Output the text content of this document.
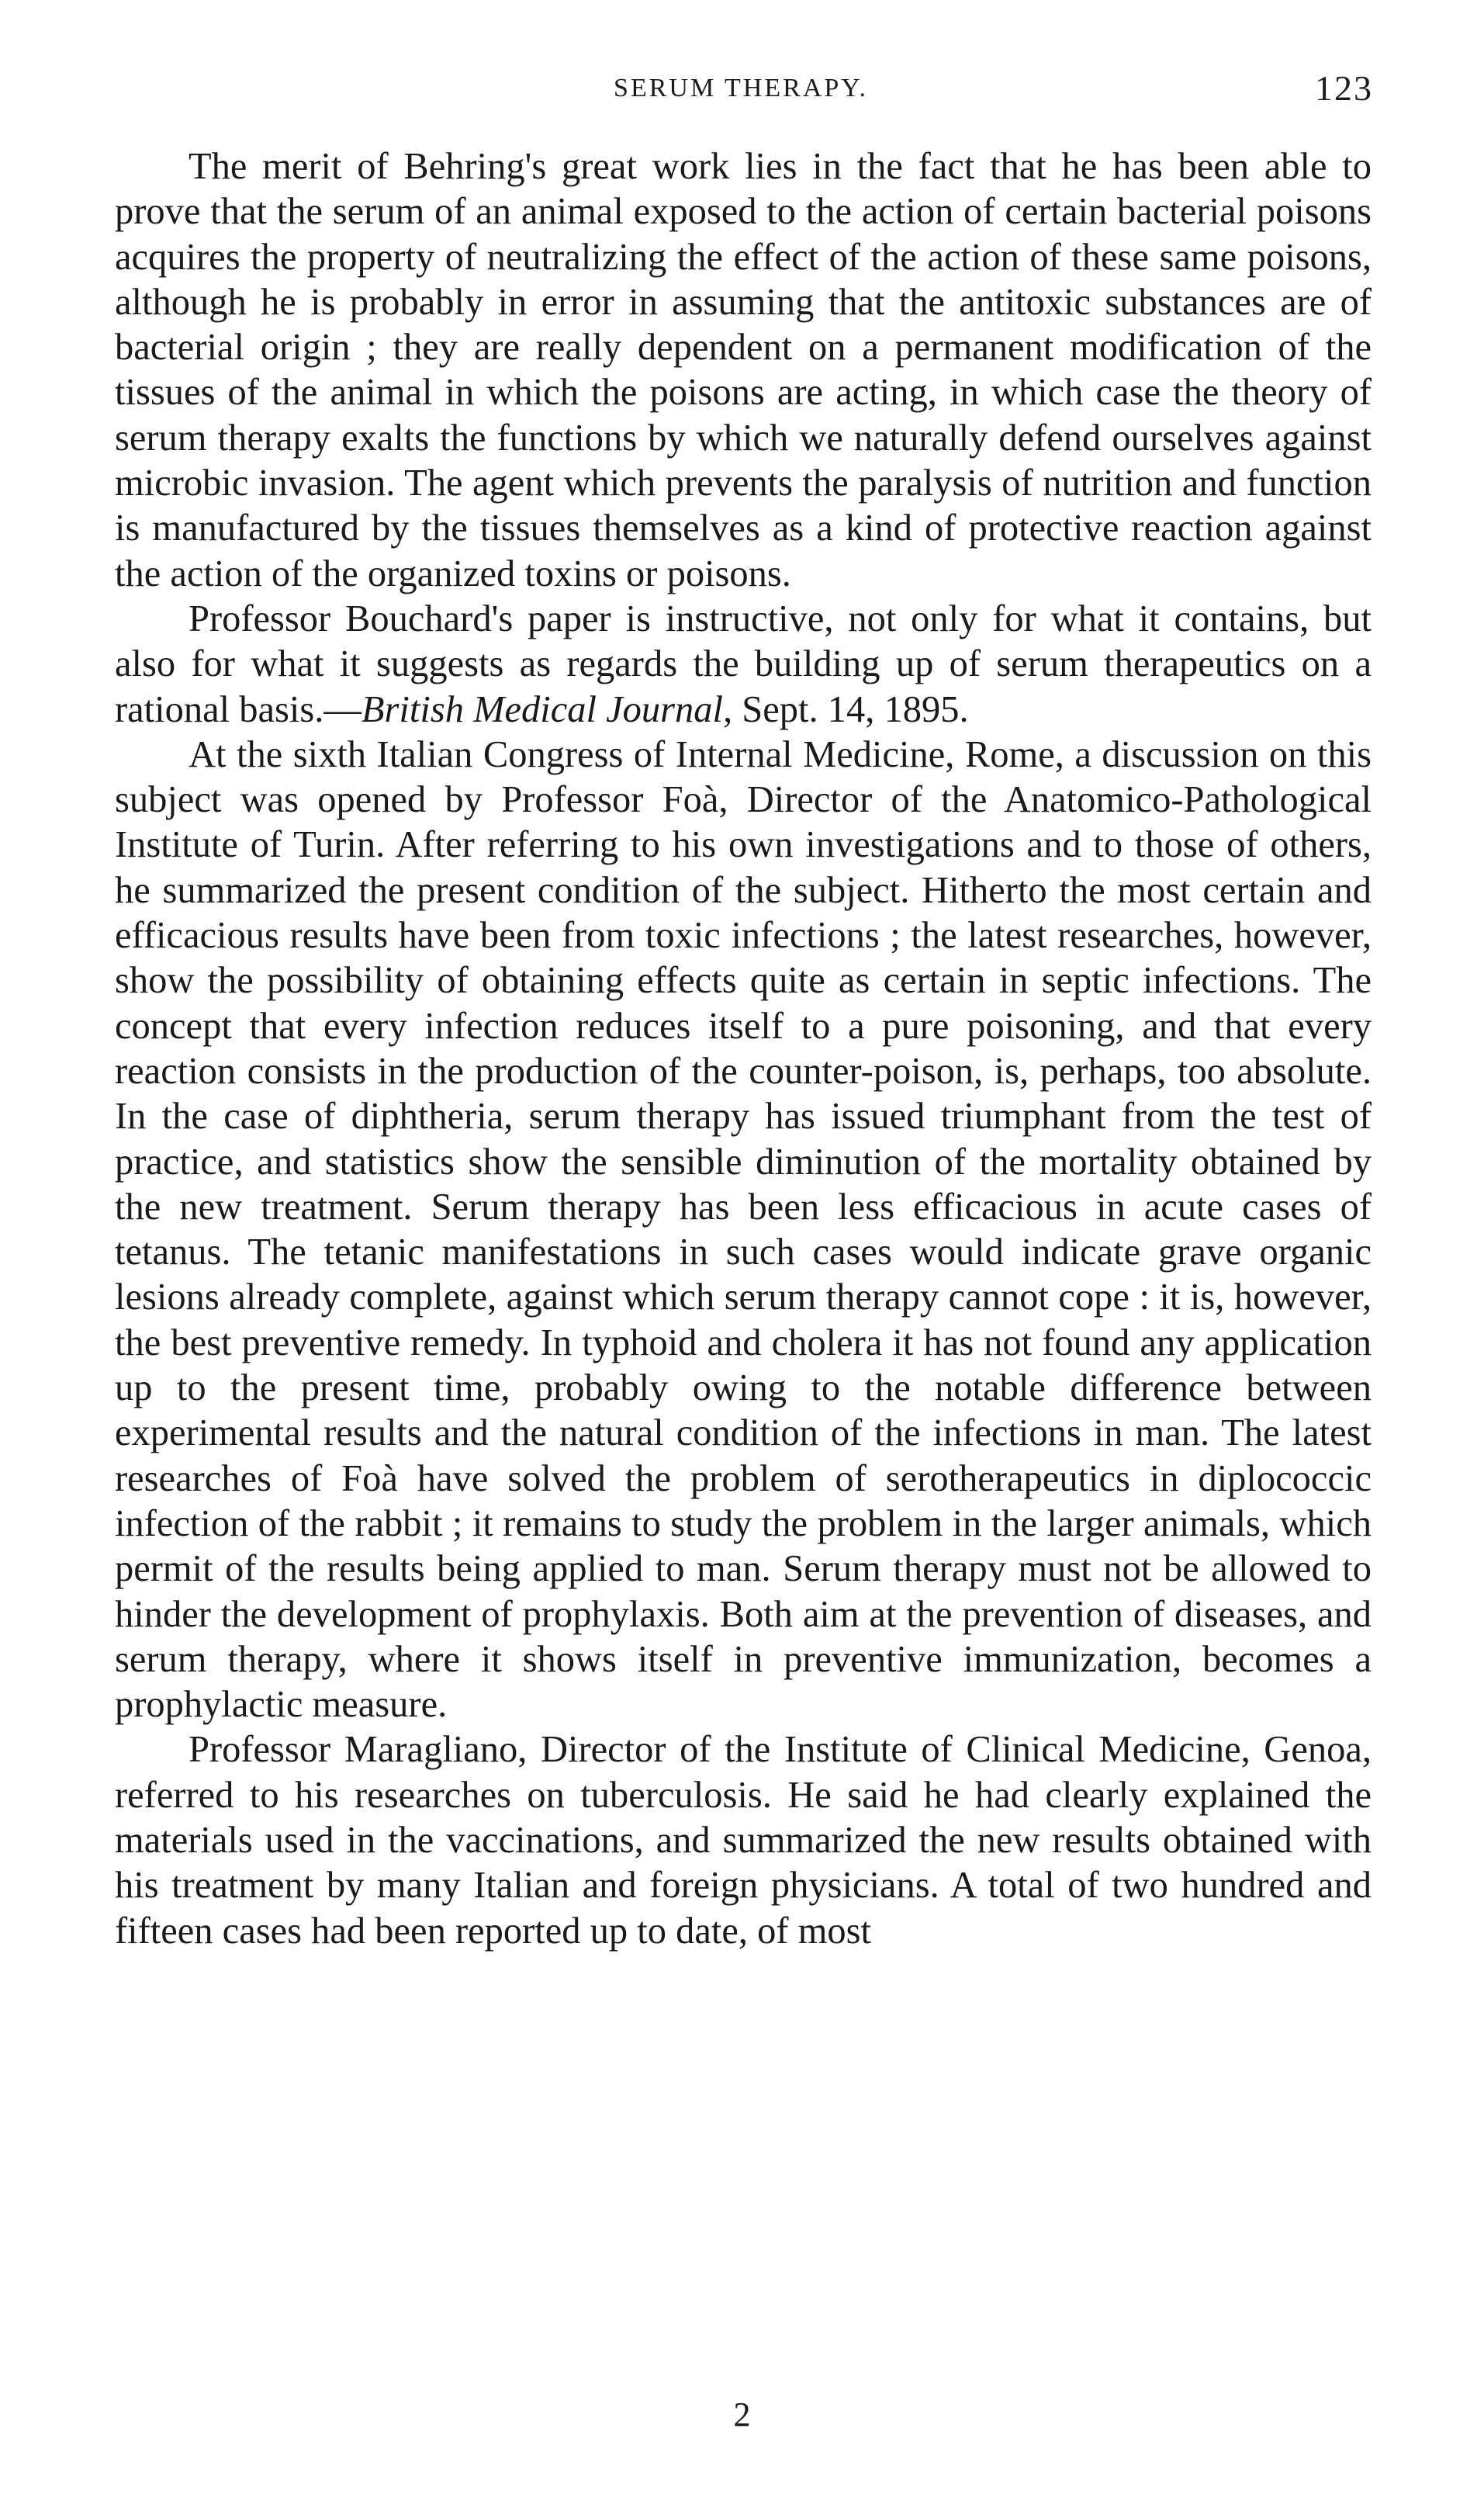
SERUM THERAPY.	123

The merit of Behring's great work lies in the fact that he has been able to prove that the serum of an animal exposed to the action of certain bacterial poisons acquires the property of neutralizing the effect of the action of these same poisons, although he is probably in error in assuming that the antitoxic substances are of bacterial origin ; they are really dependent on a permanent modification of the tissues of the animal in which the poisons are acting, in which case the theory of serum therapy exalts the functions by which we naturally defend ourselves against microbic invasion. The agent which prevents the paralysis of nutrition and function is manufactured by the tissues themselves as a kind of protective reaction against the action of the organized toxins or poisons.

Professor Bouchard's paper is instructive, not only for what it contains, but also for what it suggests as regards the building up of serum therapeutics on a rational basis.—British Medical Journal, Sept. 14, 1895.

At the sixth Italian Congress of Internal Medicine, Rome, a discussion on this subject was opened by Professor Foà, Director of the Anatomico-Pathological Institute of Turin. After referring to his own investigations and to those of others, he summarized the present condition of the subject. Hitherto the most certain and efficacious results have been from toxic infections ; the latest researches, however, show the possibility of obtaining effects quite as certain in septic infections. The concept that every infection reduces itself to a pure poisoning, and that every reaction consists in the production of the counter-poison, is, perhaps, too absolute. In the case of diphtheria, serum therapy has issued triumphant from the test of practice, and statistics show the sensible diminution of the mortality obtained by the new treatment. Serum therapy has been less efficacious in acute cases of tetanus. The tetanic manifestations in such cases would indicate grave organic lesions already complete, against which serum therapy cannot cope : it is, however, the best preventive remedy. In typhoid and cholera it has not found any application up to the present time, probably owing to the notable difference between experimental results and the natural condition of the infections in man. The latest researches of Foà have solved the problem of serotherapeutics in diplococcic infection of the rabbit ; it remains to study the problem in the larger animals, which permit of the results being applied to man. Serum therapy must not be allowed to hinder the development of prophylaxis. Both aim at the prevention of diseases, and serum therapy, where it shows itself in preventive immunization, becomes a prophylactic measure.

Professor Maragliano, Director of the Institute of Clinical Medicine, Genoa, referred to his researches on tuberculosis. He said he had clearly explained the materials used in the vaccinations, and summarized the new results obtained with his treatment by many Italian and foreign physicians. A total of two hundred and fifteen cases had been reported up to date, of most

2
